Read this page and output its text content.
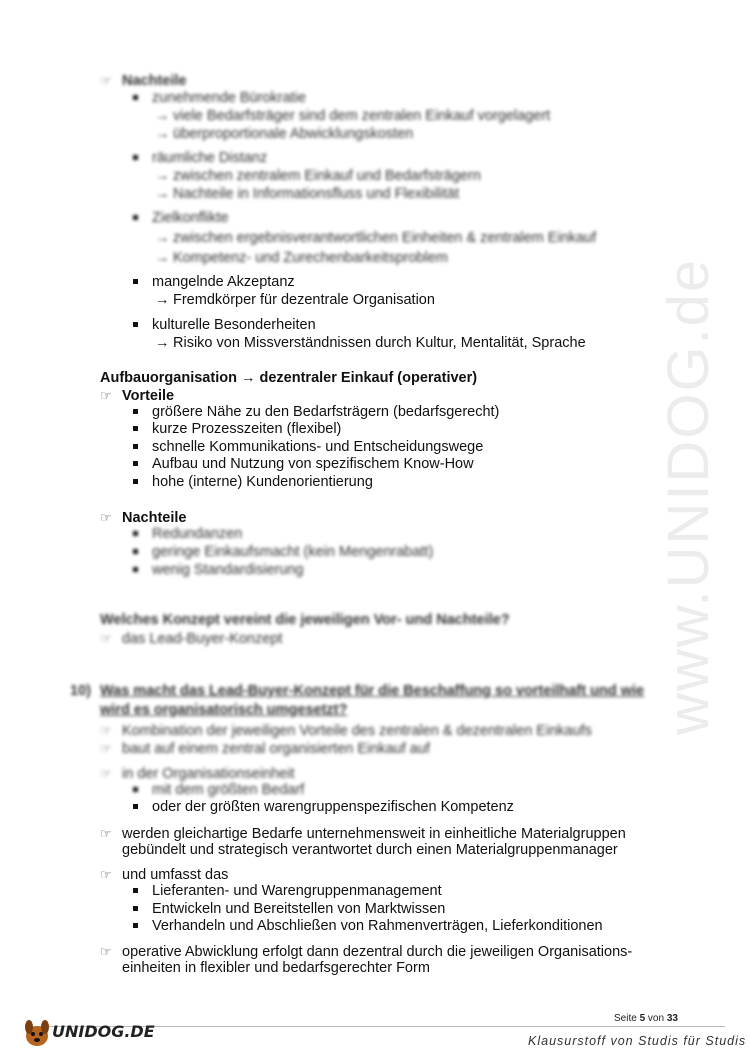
www.UNIDOG.de
☞ Nachteile
zunehmende Bürokratie
→ viele Bedarfsträger sind dem zentralen Einkauf vorgelagert
→ überproportionale Abwicklungskosten
räumliche Distanz
→ zwischen zentralem Einkauf und Bedarfsträgern
→ Nachteile in Informationsfluss und Flexibilität
Zielkonflikte
→ zwischen ergebnisverantwortlichen Einheiten & zentralem Einkauf
→ Kompetenz- und Zurechenbarkeitsproblem
mangelnde Akzeptanz
→ Fremdkörper für dezentrale Organisation
kulturelle Besonderheiten
→ Risiko von Missverständnissen durch Kultur, Mentalität, Sprache
Aufbauorganisation → dezentraler Einkauf (operativer)
☞ Vorteile
größere Nähe zu den Bedarfsträgern (bedarfsgerecht)
kurze Prozesszeiten (flexibel)
schnelle Kommunikations- und Entscheidungswege
Aufbau und Nutzung von spezifischem Know-How
hohe (interne) Kundenorientierung
☞ Nachteile
Redundanzen
geringe Einkaufsmacht (kein Mengenrabatt)
wenig Standardisierung
Welches Konzept vereint die jeweiligen Vor- und Nachteile?
☞ das Lead-Buyer-Konzept
10) Was macht das Lead-Buyer-Konzept für die Beschaffung so vorteilhaft und wie
wird es organisatorisch umgesetzt?
☞ Kombination der jeweiligen Vorteile des zentralen & dezentralen Einkaufs
☞ baut auf einem zentral organisierten Einkauf auf
☞ in der Organisationseinheit
mit dem größten Bedarf
oder der größten warengruppenspezifischen Kompetenz
☞ werden gleichartige Bedarfe unternehmensweit in einheitliche Materialgruppen
gebündelt und strategisch verantwortet durch einen Materialgruppenmanager
☞ und umfasst das
Lieferanten- und Warengruppenmanagement
Entwickeln und Bereitstellen von Marktwissen
Verhandeln und Abschließen von Rahmenverträgen, Lieferkonditionen
☞ operative Abwicklung erfolgt dann dezentral durch die jeweiligen Organisations-
einheiten in flexibler und bedarfsgerechter Form
Seite 5 von 33
UNIDOG.DE	Klausurstoff von Studis für Studis
